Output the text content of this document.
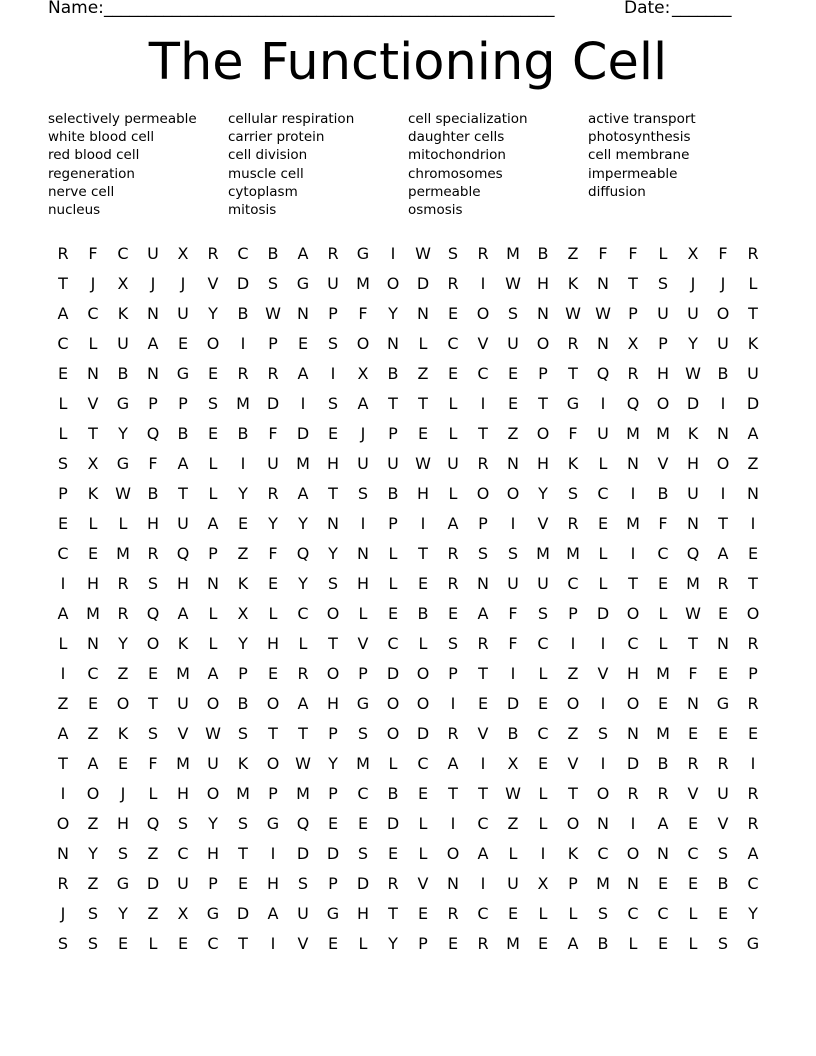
Name:_____________________________________________________	Date:_______
The Functioning Cell
selectively permeable	cellular respiration	cell specialization	active transport
white blood cell	carrier protein	daughter cells	photosynthesis
red blood cell	cell division	mitochondrion	cell membrane
regeneration	muscle cell	chromosomes	impermeable
nerve cell	cytoplasm	permeable	diffusion
nucleus	mitosis	osmosis
R	F	C	U	X	R	C	B	A	R	G	I	W	S	R	M	B	Z	F	F	L	X	F	R
T	J	X	J	J	V	D	S	G	U	M	O	D	R	I	W	H	K	N	T	S	J	J	L
A	C	K	N	U	Y	B	W	N	P	F	Y	N	E	O	S	N	W W	P	U	U	O	T
C	L	U	A	E	O	I	P	E	S	O	N	L	C	V	U	O	R	N	X	P	Y	U	K
E	N	B	N	G	E	R	R	A	I	X	B	Z	E	C	E	P	T	Q	R	H	W	B	U
L	V	G	P	P	S	M	D	I	S	A	T	T	L	I	E	T	G	I	Q	O	D	I	D
L	T	Y	Q	B	E	B	F	D	E	J	P	E	L	T	Z	O	F	U	M	M	K	N	A
S	X	G	F	A	L	I	U	M	H	U	U	W	U	R	N	H	K	L	N	V	H	O	Z
P	K	W	B	T	L	Y	R	A	T	S	B	H	L	O	O	Y	S	C	I	B	U	I	N
E	L	L	H	U	A	E	Y	Y	N	I	P	I	A	P	I	V	R	E	M	F	N	T	I
C	E	M	R	Q	P	Z	F	Q	Y	N	L	T	R	S	S	M	M	L	I	C	Q	A	E
I	H	R	S	H	N	K	E	Y	S	H	L	E	R	N	U	U	C	L	T	E	M	R	T
A	M	R	Q	A	L	X	L	C	O	L	E	B	E	A	F	S	P	D	O	L	W	E	O
L	N	Y	O	K	L	Y	H	L	T	V	C	L	S	R	F	C	I	I	C	L	T	N	R
I	C	Z	E	M	A	P	E	R	O	P	D	O	P	T	I	L	Z	V	H	M	F	E	P
Z	E	O	T	U	O	B	O	A	H	G	O	O	I	E	D	E	O	I	O	E	N	G	R
A	Z	K	S	V	W	S	T	T	P	S	O	D	R	V	B	C	Z	S	N	M	E	E	E
T	A	E	F	M	U	K	O W	Y	M	L	C	A	I	X	E	V	I	D	B	R	R	I
I	O	J	L	H	O	M	P	M	P	C	B	E	T	T	W	L	T	O	R	R	V	U	R
O	Z	H	Q	S	Y	S	G	Q	E	E	D	L	I	C	Z	L	O	N	I	A	E	V	R
N	Y	S	Z	C	H	T	I	D	D	S	E	L	O	A	L	I	K	C	O	N	C	S	A
R	Z	G	D	U	P	E	H	S	P	D	R	V	N	I	U	X	P	M	N	E	E	B	C
J	S	Y	Z	X	G	D	A	U	G	H	T	E	R	C	E	L	L	S	C	C	L	E	Y
S	S	E	L	E	C	T	I	V	E	L	Y	P	E	R	M	E	A	B	L	E	L	S	G
